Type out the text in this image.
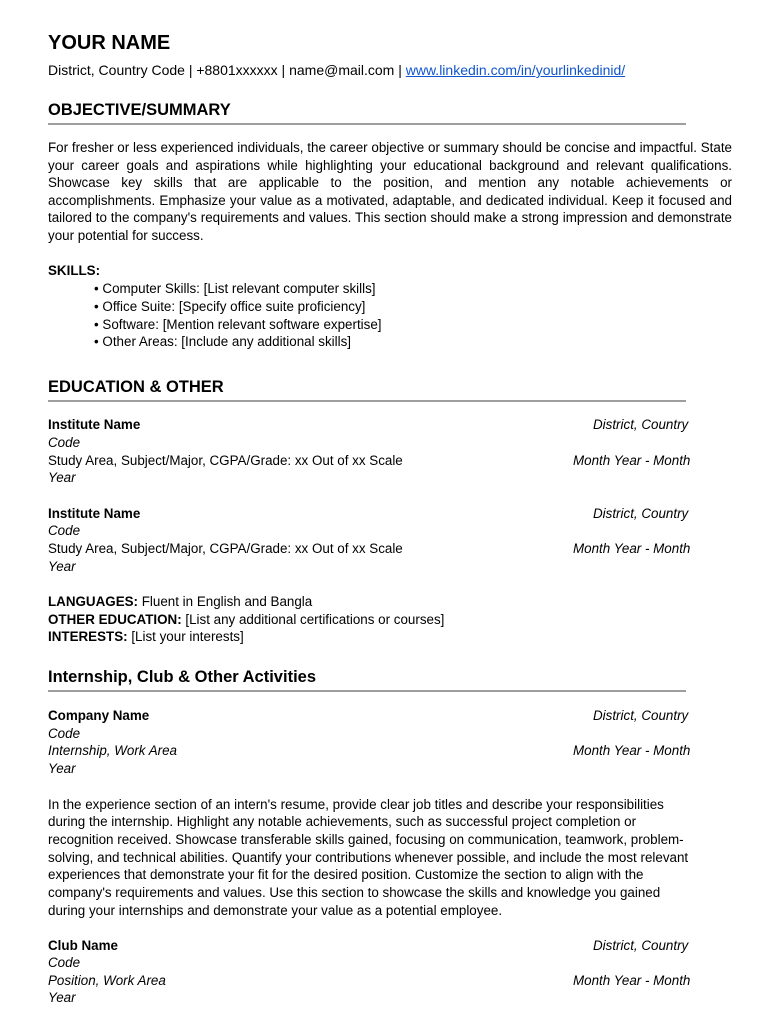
YOUR NAME
District, Country Code | +8801xxxxxx | name@mail.com | www.linkedin.com/in/yourlinkedinid/
OBJECTIVE/SUMMARY
For fresher or less experienced individuals, the career objective or summary should be concise and impactful. State your career goals and aspirations while highlighting your educational background and relevant qualifications. Showcase key skills that are applicable to the position, and mention any notable achievements or accomplishments. Emphasize your value as a motivated, adaptable, and dedicated individual. Keep it focused and tailored to the company's requirements and values. This section should make a strong impression and demonstrate your potential for success.
SKILLS:
• Computer Skills: [List relevant computer skills]
• Office Suite: [Specify office suite proficiency]
• Software: [Mention relevant software expertise]
• Other Areas: [Include any additional skills]
EDUCATION & OTHER
Institute Name	District, Country
Code
Study Area, Subject/Major, CGPA/Grade: xx Out of xx Scale	Month Year - Month
Year
Institute Name	District, Country
Code
Study Area, Subject/Major, CGPA/Grade: xx Out of xx Scale	Month Year - Month
Year
LANGUAGES: Fluent in English and Bangla
OTHER EDUCATION: [List any additional certifications or courses]
INTERESTS: [List your interests]
Internship, Club & Other Activities
Company Name	District, Country
Code
Internship, Work Area	Month Year - Month
Year
In the experience section of an intern's resume, provide clear job titles and describe your responsibilities
during the internship. Highlight any notable achievements, such as successful project completion or
recognition received. Showcase transferable skills gained, focusing on communication, teamwork, problem-
solving, and technical abilities. Quantify your contributions whenever possible, and include the most relevant
experiences that demonstrate your fit for the desired position. Customize the section to align with the
company's requirements and values. Use this section to showcase the skills and knowledge you gained
during your internships and demonstrate your value as a potential employee.
Club Name	District, Country
Code
Position, Work Area	Month Year - Month
Year
